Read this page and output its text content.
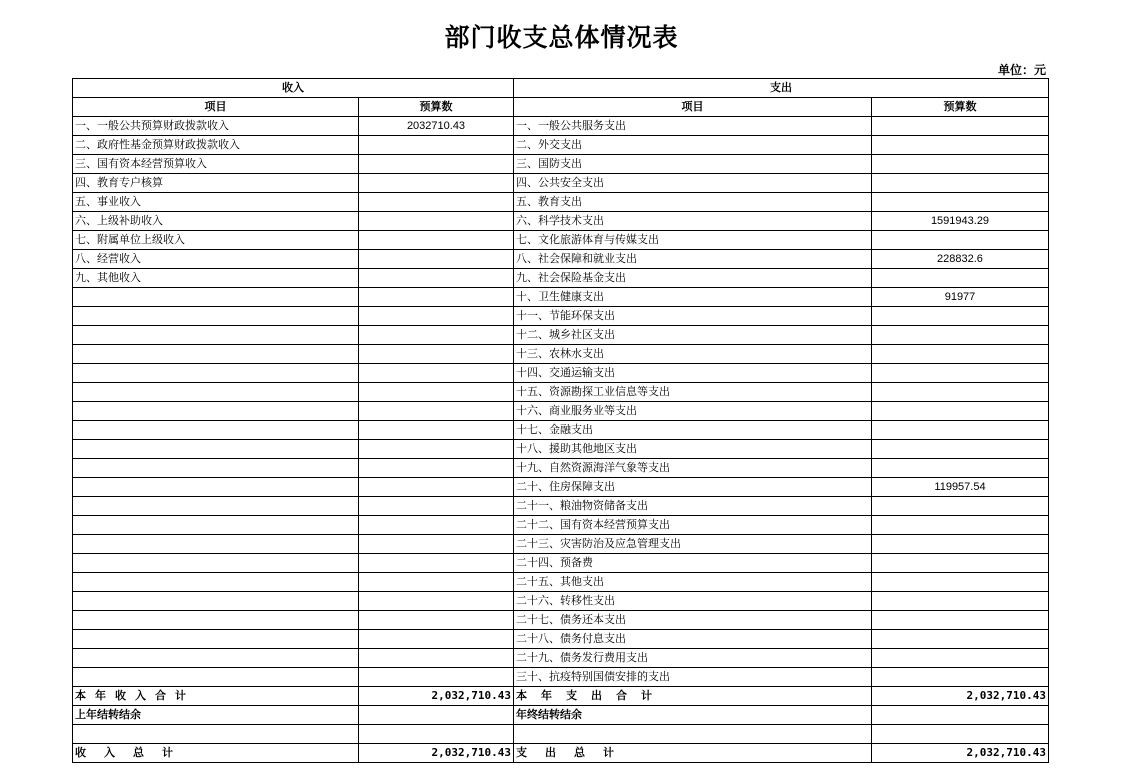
部门收支总体情况表
单位：元
收入		支出	
项目	预算数	项目	预算数
一、一般公共预算财政拨款收入	2032710.43	一、一般公共服务支出	
二、政府性基金预算财政拨款收入		二、外交支出	
三、国有资本经营预算收入		三、国防支出	
四、教育专户核算		四、公共安全支出	
五、事业收入		五、教育支出	
六、上级补助收入		六、科学技术支出	1591943.29
七、附属单位上级收入		七、文化旅游体育与传媒支出	
八、经营收入		八、社会保障和就业支出	228832.6
九、其他收入		九、社会保险基金支出	
		十、卫生健康支出	91977
		十一、节能环保支出	
		十二、城乡社区支出	
		十三、农林水支出	
		十四、交通运输支出	
		十五、资源勘探工业信息等支出	
		十六、商业服务业等支出	
		十七、金融支出	
		十八、援助其他地区支出	
		十九、自然资源海洋气象等支出	
		二十、住房保障支出	119957.54
		二十一、粮油物资储备支出	
		二十二、国有资本经营预算支出	
		二十三、灾害防治及应急管理支出	
		二十四、预备费	
		二十五、其他支出	
		二十六、转移性支出	
		二十七、债务还本支出	
		二十八、债务付息支出	
		二十九、债务发行费用支出	
		三十、抗疫特别国债安排的支出	
本年收入合计	2,032,710.43	本年支出合计	2,032,710.43
上年结转结余		年终结转结余	

收入总计	2,032,710.43	支出总计	2,032,710.43
